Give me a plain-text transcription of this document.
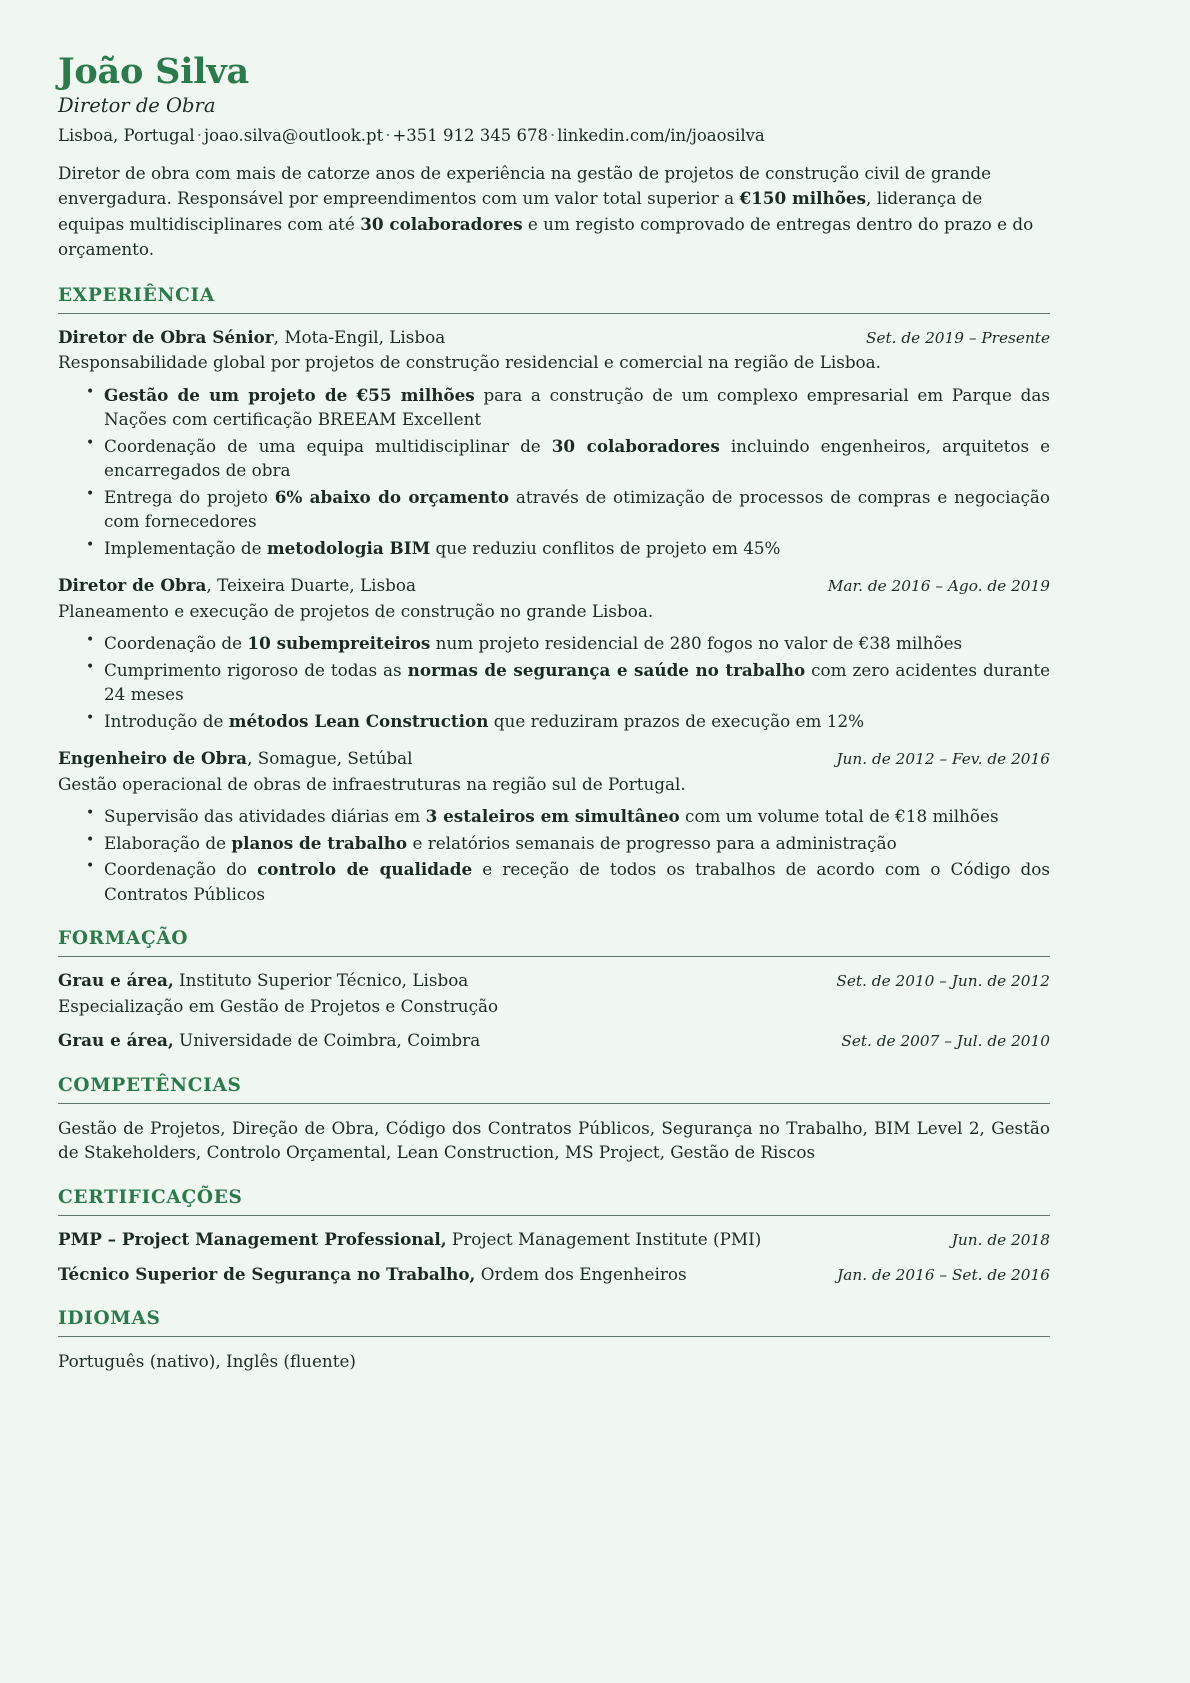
João Silva
Diretor de Obra
Lisboa, Portugal · joao.silva@outlook.pt · +351 912 345 678 · linkedin.com/in/joaosilva

Diretor de obra com mais de catorze anos de experiência na gestão de projetos de construção civil de grande envergadura. Responsável por empreendimentos com um valor total superior a €150 milhões, liderança de equipas multidisciplinares com até 30 colaboradores e um registo comprovado de entregas dentro do prazo e do orçamento.

EXPERIÊNCIA
Diretor de Obra Sénior, Mota-Engil, Lisboa	Set. de 2019 – Presente
Responsabilidade global por projetos de construção residencial e comercial na região de Lisboa.
• Gestão de um projeto de €55 milhões para a construção de um complexo empresarial em Parque das Nações com certificação BREEAM Excellent
• Coordenação de uma equipa multidisciplinar de 30 colaboradores incluindo engenheiros, arquitetos e encarregados de obra
• Entrega do projeto 6% abaixo do orçamento através de otimização de processos de compras e negociação com fornecedores
• Implementação de metodologia BIM que reduziu conflitos de projeto em 45%
Diretor de Obra, Teixeira Duarte, Lisboa	Mar. de 2016 – Ago. de 2019
Planeamento e execução de projetos de construção no grande Lisboa.
• Coordenação de 10 subempreiteiros num projeto residencial de 280 fogos no valor de €38 milhões
• Cumprimento rigoroso de todas as normas de segurança e saúde no trabalho com zero acidentes durante 24 meses
• Introdução de métodos Lean Construction que reduziram prazos de execução em 12%
Engenheiro de Obra, Somague, Setúbal	Jun. de 2012 – Fev. de 2016
Gestão operacional de obras de infraestruturas na região sul de Portugal.
• Supervisão das atividades diárias em 3 estaleiros em simultâneo com um volume total de €18 milhões
• Elaboração de planos de trabalho e relatórios semanais de progresso para a administração
• Coordenação do controlo de qualidade e receção de todos os trabalhos de acordo com o Código dos Contratos Públicos
FORMAÇÃO
Grau e área, Instituto Superior Técnico, Lisboa	Set. de 2010 – Jun. de 2012
Especialização em Gestão de Projetos e Construção
Grau e área, Universidade de Coimbra, Coimbra	Set. de 2007 – Jul. de 2010
COMPETÊNCIAS

Gestão de Projetos, Direção de Obra, Código dos Contratos Públicos, Segurança no Trabalho, BIM Level 2, Gestão de Stakeholders, Controlo Orçamental, Lean Construction, MS Project, Gestão de Riscos

CERTIFICAÇÕES
PMP – Project Management Professional, Project Management Institute (PMI)	Jun. de 2018
Técnico Superior de Segurança no Trabalho, Ordem dos Engenheiros	Jan. de 2016 – Set. de 2016
IDIOMAS

Português (nativo), Inglês (fluente)
